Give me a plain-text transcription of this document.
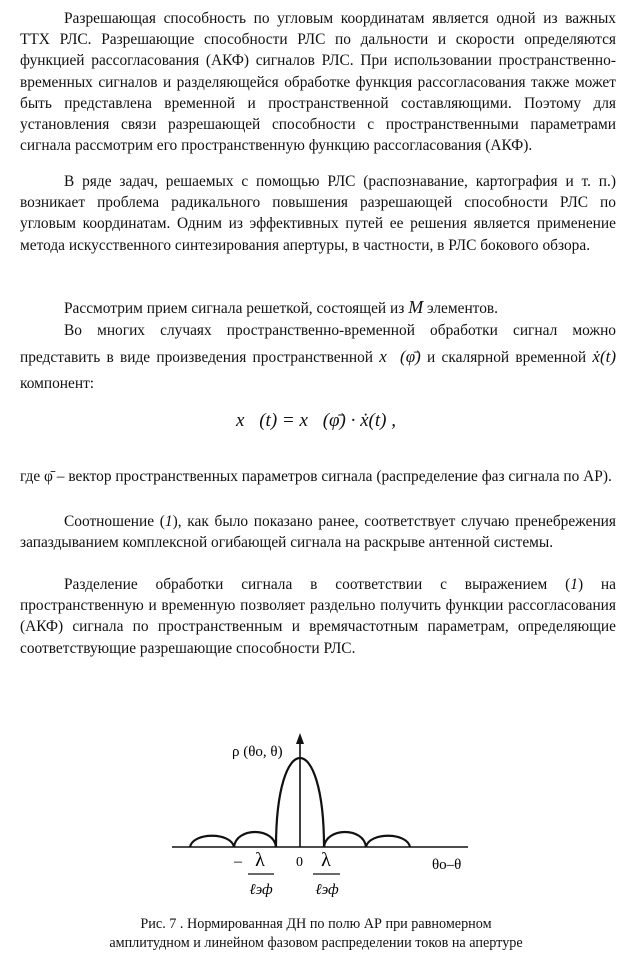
Разрешающая способность по угловым координатам является одной из важных ТТХ РЛС. Разрешающие способности РЛС по дальности и скорости определяются функцией рассогласования (АКФ) сигналов РЛС. При использовании пространственно-временных сигналов и разделяющейся обработке функция рассогласования также может быть представлена временной и пространственной составляющими. Поэтому для установления связи разрешающей способности с пространственными параметрами сигнала рассмотрим его пространственную функцию рассогласования (АКФ).

В ряде задач, решаемых с помощью РЛС (распознавание, картография и т. п.) возникает проблема радикального повышения разрешающей способности РЛС по угловым координатам. Одним из эффективных путей ее решения является применение метода искусственного синтезирования апертуры, в частности, в РЛС бокового обзора.

Рассмотрим прием сигнала решеткой, состоящей из M элементов.

Во многих случаях пространственно-временной обработки сигнал можно представить в виде произведения пространственной x⃗(φ̄) и скалярной временной ẋ(t) компонент:

x⃗(t) = x⃗(φ̄) · ẋ(t) ,

где φ̄ – вектор пространственных параметров сигнала (распределение фаз сигнала по АР).

Соотношение (1), как было показано ранее, соответствует случаю пренебрежения запаздыванием комплексной огибающей сигнала на раскрыве антенной системы.

Разделение обработки сигнала в соответствии с выражением (1) на пространственную и временную позволяет раздельно получить функции рассогласования (АКФ) сигнала по пространственным и времячастотным параметрам, определяющие соответствующие разрешающие способности РЛС.

ρ (θo, θ)
θo–θ
0
– λ
ℓэф
λ
ℓэф
Рис. 7 . Нормированная ДН по полю АР при равномерном
амплитудном и линейном фазовом распределении токов на апертуре
